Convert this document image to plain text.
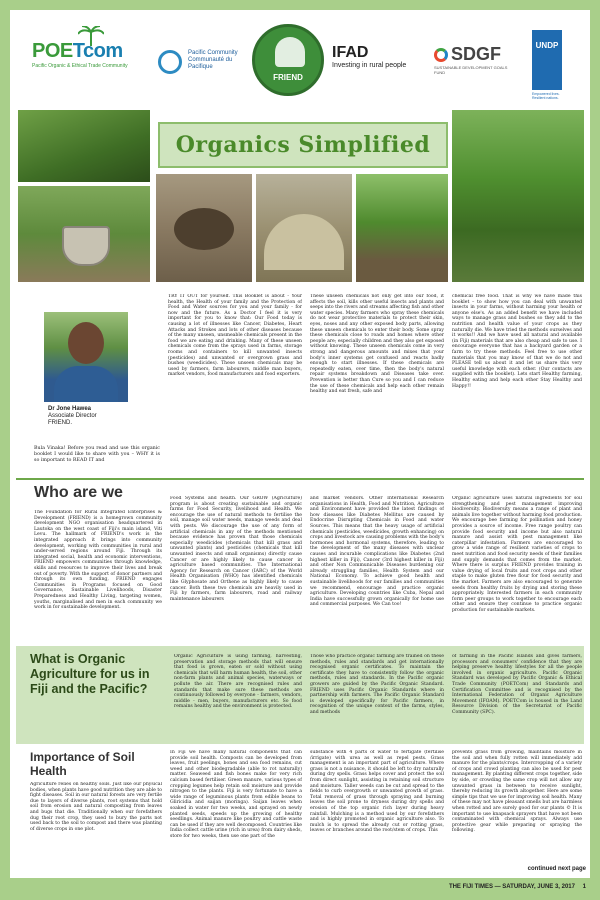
POETcom
Pacific Organic & Ethical Trade Community
Pacific Community Communauté du Pacifique
FRIEND
IFAD
Investing in rural people
SDGF
SUSTAINABLE DEVELOPMENT GOALS FUND
UNDP
Empowered lives. Resilient nations.
Organics Simplified
Dr Jone Hawea
Associate Director
FRIEND.
Bula Vinaka! Before you read and use this organic booklet I would like to share with you – WHY it is so important to READ IT and

TRY IT OUT for yourself. This Booklet is about - Your health, the Health of your family and the Protection of Food and Water sources for you and your family - for now and the future. As a Doctor I feel it is very important for you to know that: Our Food today is causing a lot of illnesses like Cancer, Diabetes, Heart Attacks and Strokes and lots of other diseases because of the many unseen, unsmeable chemicals present in the food we are eating and drinking. Many of these unseen chemicals come from the sprays used in farms, storage rooms and containers to kill unwanted insects (pesticides) and unwanted or overgrown grass and bushes (weedicides). These unseen chemicals may be used by farmers, farm labourers, middle man buyers, market vendors, food manufacturers and food exporters.

These unseen chemicals not only get into our food, it affects the soil, kills other useful insects and plants and seeps into the rivers and streams affecting fish and other water species. Many farmers who spray these chemicals do not wear protective materials to protect their skin, eyes, noses and any other exposed body parts, allowing these unseen chemicals to enter their body. Some spray these chemicals close to roads and homes where other people are; especially children and they also get exposed without knowing. These unseen chemicals come in very strong and dangerous amounts and mixes that your body's inner systems get confused and reacts badly enough to start illnesses. If these chemicals are repeatedly eaten, over time, then the body's natural repair systems breakdown and Diseases take over. Prevention is better than Cure so you and I can reduce the use of these chemicals and help each other remain healthy and eat fresh, safe and

chemical free food. That is why we have made this booklet – to show how you can deal with unwanted insects in your farms, without harming your health or anyone else's. As an added benefit we have included ways to manage grass and bushes so they add to the nutrition and health value of your crops as they naturally die. We have tried the methods ourselves and it works!! And we have used all natural and available (in Fiji) materials that are also cheap and safe to use. I encourage everyone that has a backyard garden or a farm to try these methods. Feel free to use other materials that you may know of that we do not and PLEASE tell us about it and let us share this very useful knowledge with each other. (Our contacts are supplied with the booklet). Lets start Healthy farming, Healthy eating and help each other Stay Healthy and Happy!!

Who are we

The Foundation for Rural Integrated Enterprises & Development (FRIEND) is a homegrown community development NGO organisation headquartered in Lautoka on the west coast of Fiji's main island, Viti Levu. The hallmark of FRIEND's work is the integrated approach it brings into community development, working with communities in rural and under-served regions around Fiji. Through its integrated social, health and economic interventions, FRIEND empowers communities through knowledge, skills and resources to improve their lives and break out of poverty. With the support of donor partners and through its own funding, FRIEND engages Communities in Programs focused on Good Governance, Sustainable Livelihoods, Disaster Preparedness and Healthy Living, targeting women, youths, marginalised and men in each community we work in for sustainable development.

Food Systems and health. Our GROW (Agriculture) program is about creating sustainable and organic farms for Food Security, livelihood and Health. We encourage the use of natural methods to fertilise the soil, manage soil water needs, manage weeds and deal with pests. We discourage the use of any form of artificial chemicals in any of the methods mentioned because evidence has proven that those chemicals especially weedicides (chemicals that kill grass and unwanted plants) and pesticides (chemicals that kill unwanted insects and small organisms) directly cause Cancer or are highly likely to cause cancer in agriculture based communities. The International Agency for Research on Cancer (IARC) of the World Health Organisation (WHO) has identified chemicals like Glyphosate and Orthene as highly likely to cause cancer. Both these two chemicals are heavily used in Fiji by farmers, farm labourers, road and railway maintenance labourers

and market vendors. Other International Research organisations in Health, Food and Nutrition, Agriculture and Environment have provided the latest findings of how diseases like Diabetes Mellitus are caused by Endocrine Disrupting Chemicals in Food and water Sources. This means that the heavy usage of artificial chemicals (pesticides, weedicides, growth enhancing) on crops and livestock are causing problems with the body's hormones and hormonal systems, therefore, leading to the development of the many diseases with unclear causes and incurable complications like Diabetes (2nd highest killer in Fiji), Cancer (3rd highest killer in Fiji) and other Non Communicable Diseases burdening our already struggling families, Health System and our National Economy. To achieve good health and sustainable livelihoods for our families and communities we recommend, encourage and practice organic agriculture. Developing countries like Cuba, Nepal and India have successfully grown organically for home use and commercial purposes. We Can too!

Organic agriculture uses natural ingredients for soil strengthening and pest management improving biodiversity. Biodiversity means a range of plant and animals live together without harming food production. We encourage bee farming for pollination and honey provides a source of income. Free range poultry can provide food security and income but also natural manure and assist with pest management like caterpillar infestation. Farmers are encouraged to grow a wide range of resilient varieties of crops to meet nutrition and food security needs of their families and supply demands that comes from the market. Where there is surplus FRIEND provides training in value drying of local fruits and root crops and other staple to make gluten free flour for food security and the market. Farmers are also encouraged to generate seeds from healthy fruits by drying and storing these appropriately. Interested farmers in each community form peer groups to work together to encourage each other and ensure they continue to practice organic production for sustainable markets.

What is Organic Agriculture for us in Fiji and the Pacific?

Organic Agriculture is using farming, harvesting, preservation and storage methods that will ensure that food is grown, eaten or sold without using chemicals that will harm human health, the soil, other non-farm plants and animal species, waterways or pollute the air. There are recognised rules and standards that make sure these methods are continuously followed by everyone - farmers, vendors, middle - men, buyers, manufacturers etc. So food remains healthy and the environment is protected.

Those who practice organic farming are trained on these methods, rules and standards and get internationally recognised organic certificates. To maintain the certificate they have to consistently follow the organic methods, rules and standards. In the Pacific organic growers are guided by the Pacific Organic Standard. FRIEND uses Pacific Organic Standards where in partnership with farmers. The Pacific Organic Standard is developed specifically for Pacific farmers, in recognition of the unique context of the farms, styles, and methods

of farming in the Pacific Islands and gives farmers, processors and consumers' confidence that they are helping preserve healthy lifestyles for all the people involved in organic agriculture. Pacific Organic Standard was developed by Pacific Organic & Ethical Trade Community (POETCom) and Standards and Certification Committee and is recognised by the International Federation of Organic Agriculture Movement (IFOAM). POETCom is housed in the Land Resource Division of the Secretariat of Pacific Community (SPC).

Importance of Soil Health

Agriculture relies on healthy soils. Just like our physical bodies, when plants have good nutrition they are able to fight diseases. Soil in our natural forests are very fertile due to layers of diverse plants, root systems that hold soil from erosion and natural composting from leaves and bugs that die. Traditionally when our forefathers dug their root crop, they used to bury the parts not used back to the soil to compost and there was planting of diverse crops in one plot.

In Fiji we have many natural components that can provide soil health. Composts can be developed from leaves, fruit peelings, bones and sea food remains, cut weed and other biodegradable (able to rot naturally) matter. Seaweed and fish bones make for very rich calcium based fertiliser. Green manure, various types of cropping legumes help retain soil moisture and provide nitrogen to the plants. Fiji is very fortunate to have a wide range of leguminous plants from edible beans to Gliricidia and saijan (moringa). Saijan leaves when soaked in water for two weeks, and sprayed on newly planted seeds, speeds up the growing of healthy seedlings. Animal manure like poultry and cattle waste can be used if they are well decomposed. Countries like India collect cattle urine (rich in urea) from dairy sheds, store for two weeks, then use one part of the

substance with 4 parts of water to fertigate (fertilise /irrigate) with urea as well as repel pests. Grass management is an important part of agriculture. Where grass is not a nuisance, it should be left to dry naturally during dry spells. Grass helps cover and protect the soil from direct sunlight, assisting in retaining soil structure and moisture. Taller weeds can be cut and spread to the fields to curb overgrowth or unwanted growth of grass. Total removal of grass through spraying and burning leaves the soil prone to dryness during dry spells and erosion of the top organic rich layer during heavy rainfall. Mulching is a method used by our forefathers and is highly promoted in organic agriculture also. To mulch is to spread the already cut or rotting grass, leaves or branches around the root/stem of crops. This

prevents grass from growing, maintains moisture in the soil and when fully rotten will immediately add manure for the plants/crops. Intercropping of a variety of crops and crowd planting can also be used for pest management. By planting different crops together, side by side, or crowding the same crop will not allow any unwanted grass in between to receive sunlight, thereby reducing its growth altogether. Here are some simple tips that we use for improving soil health. Many of these may not have pleasant smells but are harmless when rotted and are surely good for our plants © It is important to use knapsack sprayers that have not been contaminated with chemical sprays. Always use protective gear while preparing or spraying the following.

continued next page
THE FIJI TIMES — SATURDAY, JUNE 3, 2017 1
